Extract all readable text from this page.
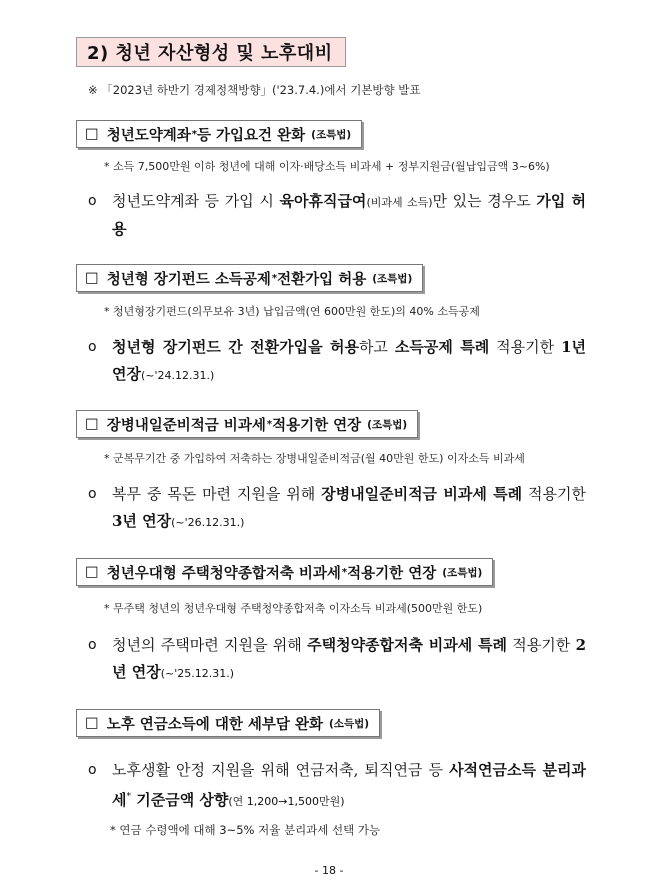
2) 청년 자산형성 및 노후대비
※ 「2023년 하반기 경제정책방향」('23.7.4.)에서 기본방향 발표
□ 청년도약계좌 * 등 가입요건 완화 (조특법)
* 소득 7,500만원 이하 청년에 대해 이자·배당소득 비과세 + 정부지원금(월납입금액 3~6%)
o	청년도약계좌 등 가입 시 육아휴직급여(비과세 소득)만 있는 경우도 가입 허용
□ 청년형 장기펀드 소득공제 * 전환가입 허용 (조특법)
* 청년형장기펀드(의무보유 3년) 납입금액(연 600만원 한도)의 40% 소득공제
o	청년형 장기펀드 간 전환가입을 허용하고 소득공제 특례 적용기한 1년 연장(~'24.12.31.)
□ 장병내일준비적금 비과세 * 적용기한 연장 (조특법)
* 군복무기간 중 가입하여 저축하는 장병내일준비적금(월 40만원 한도) 이자소득 비과세
o	복무 중 목돈 마련 지원을 위해 장병내일준비적금 비과세 특례 적용기한 3년 연장(~'26.12.31.)
□ 청년우대형 주택청약종합저축 비과세 * 적용기한 연장 (조특법)
* 무주택 청년의 청년우대형 주택청약종합저축 이자소득 비과세(500만원 한도)
o	청년의 주택마련 지원을 위해 주택청약종합저축 비과세 특례 적용기한 2년 연장(~'25.12.31.)
□ 노후 연금소득에 대한 세부담 완화 (소득법)
o	노후생활 안정 지원을 위해 연금저축, 퇴직연금 등 사적연금소득 분리과세* 기준금액 상향(연 1,200→1,500만원)
* 연금 수령액에 대해 3~5% 저율 분리과세 선택 가능
- 18 -
